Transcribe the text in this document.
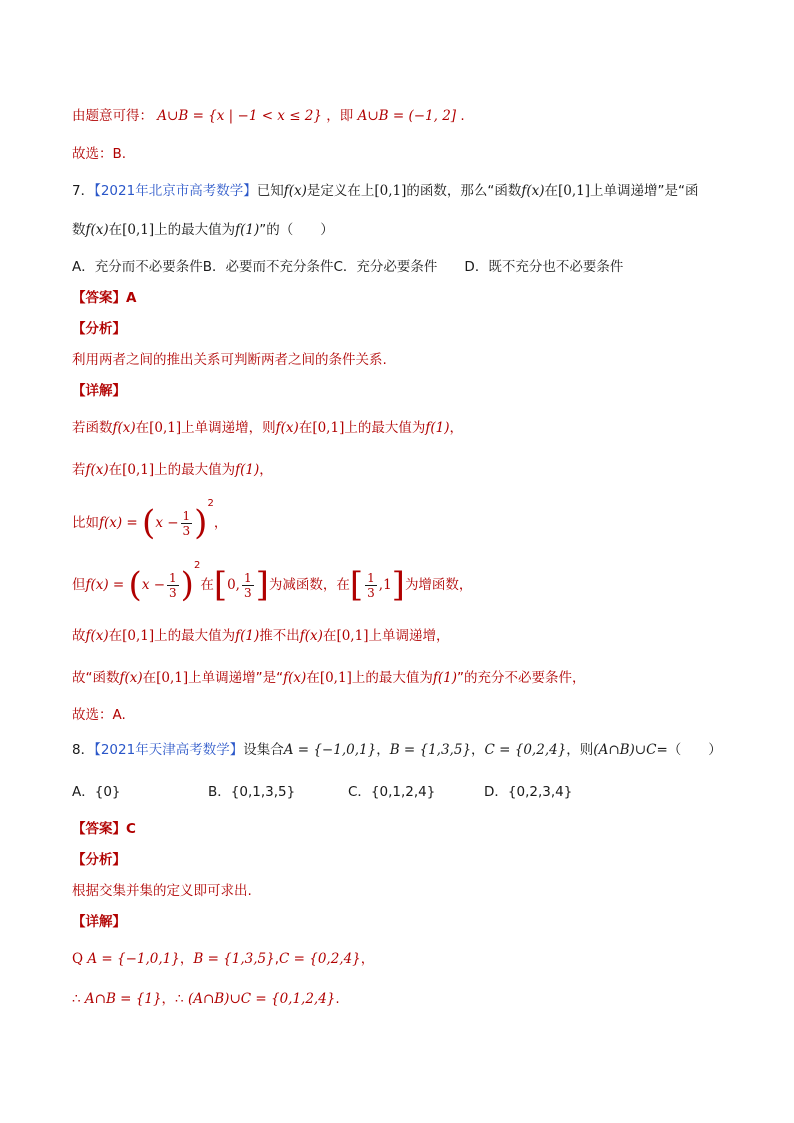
由题意可得： A∪B = {x | −1 < x ≤ 2} ，即 A∪B = (−1, 2] .
故选：B.
7．【2021年北京市高考数学】已知f(x)是定义在上[0,1]的函数，那么“函数f(x)在[0,1]上单调递增”是“函
数f(x)在[0,1]上的最大值为f(1)”的（　　）
A．充分而不必要条件B．必要而不充分条件C．充分必要条件　　D．既不充分也不必要条件
【答案】A
【分析】
利用两者之间的推出关系可判断两者之间的条件关系.
【详解】
若函数f(x)在[0,1]上单调递增，则f(x)在[0,1]上的最大值为f(1)，
若f(x)在[0,1]上的最大值为f(1)，
比如$f(x) = (x - \frac{1}{3} )^2$，
但$f(x) = (x - \frac{1}{3} )^2$在[0, $\frac{1}{3}$ ]为减函数，在[ $\frac{1}{3} ,1$]为增函数，
故f(x)在[0,1]上的最大值为f(1)推不出f(x)在[0,1]上单调递增，
故“函数f(x)在[0,1]上单调递增”是“f(x)在[0,1]上的最大值为f(1)”的充分不必要条件，
故选：A.
8．【2021年天津高考数学】设集合A = {−1,0,1}，B = {1,3,5}，C = {0,2,4}，则(A∩B)∪C=（　　）
A．{0}	B．{0,1,3,5}	C．{0,1,2,4}	D．{0,2,3,4}
【答案】C
【分析】
根据交集并集的定义即可求出.
【详解】
Q A = {−1,0,1}，B = {1,3,5},C = {0,2,4}，
∴ A∩B = {1}，∴ (A∩B)∪C = {0,1,2,4}.
